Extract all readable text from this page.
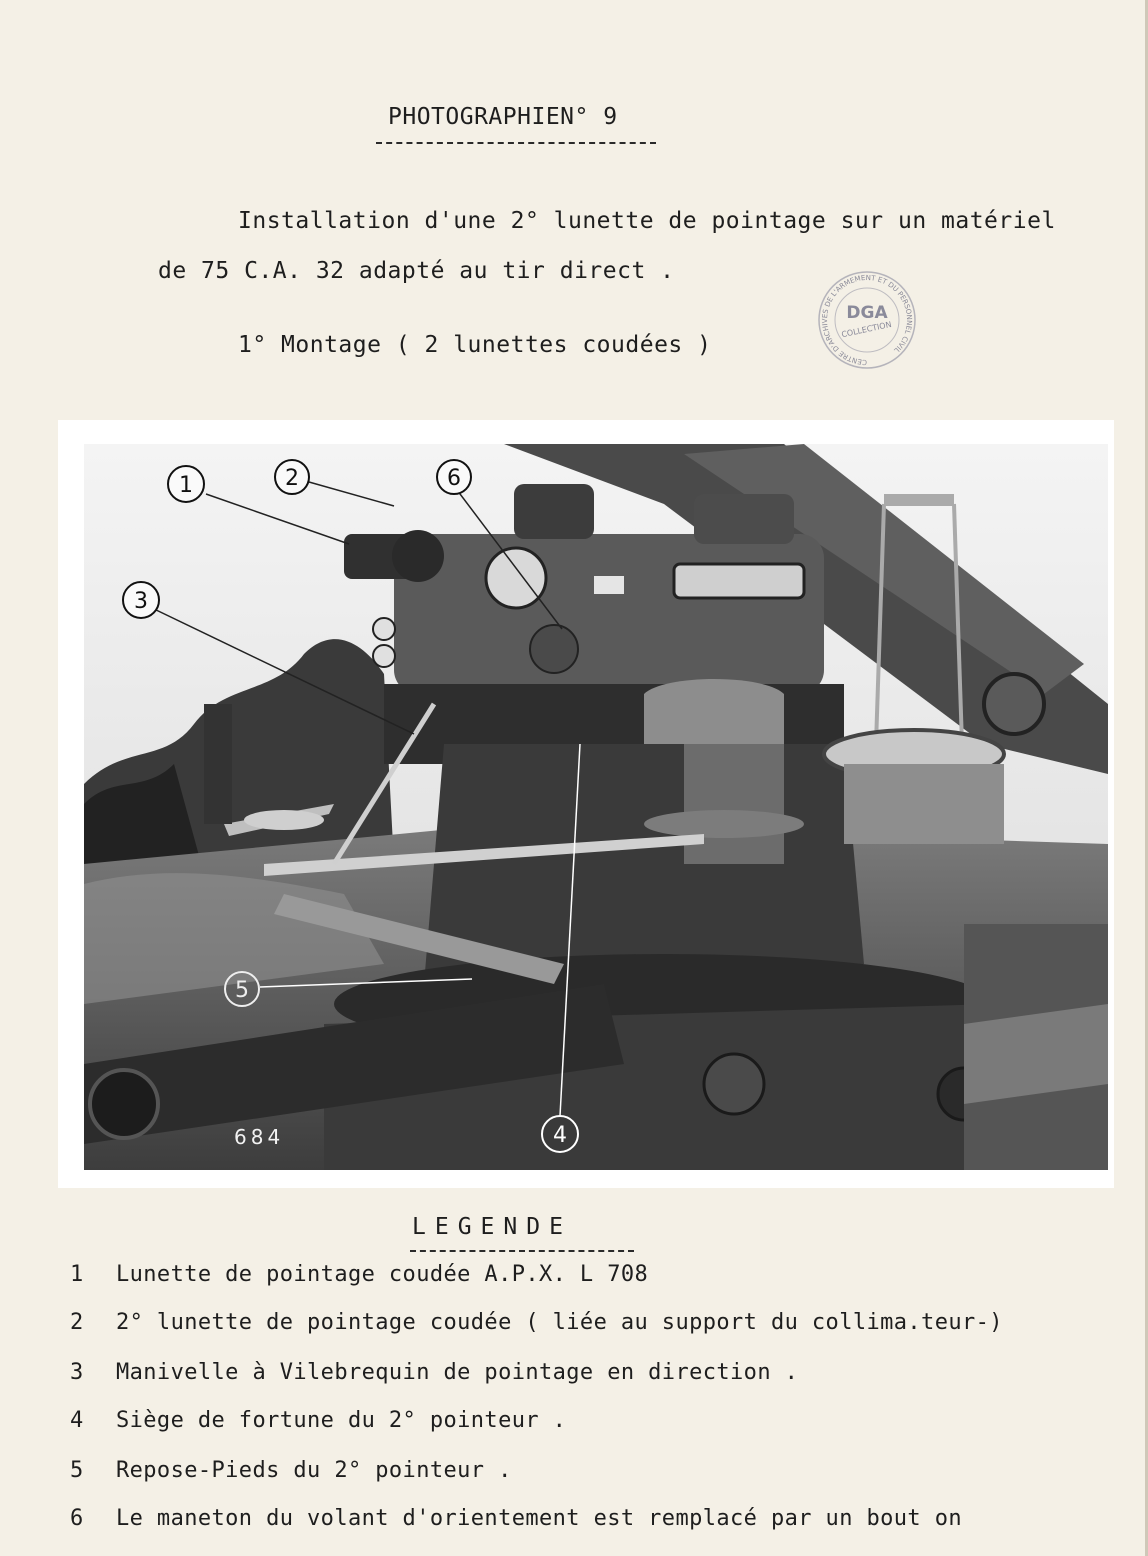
PHOTOGRAPHIEN° 9
Installation d'une 2° lunette de pointage sur un matériel
de 75 C.A. 32 adapté au tir direct .
1° Montage ( 2 lunettes coudées )
CENTRE D'ARCHIVES DE L'ARMEMENT ET DU PERSONNEL CIVIL
DGA
COLLECTION
1	2
3
4
5
6
684
LEGENDE
1 Lunette de pointage coudée A.P.X. L 708
2 2° lunette de pointage coudée ( liée au support du collima.teur-)
3 Manivelle à Vilebrequin de pointage en direction .
4 Siège de fortune du 2° pointeur .
5 Repose-Pieds du 2° pointeur .
6 Le maneton du volant d'orientement est remplacé par un bout on
